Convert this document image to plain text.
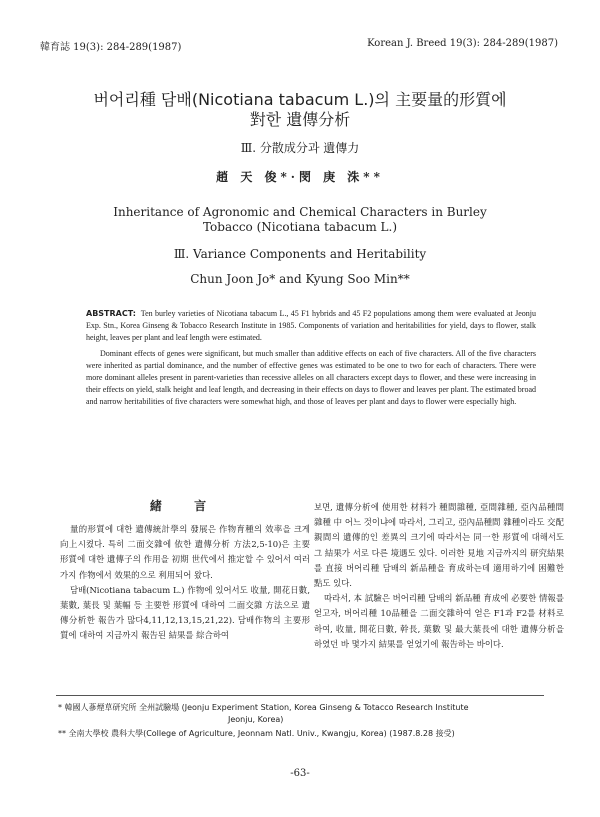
韓育誌 19(3): 284-289(1987)	Korean J. Breed 19(3): 284-289(1987)
버어리種 담배(Nicotiana tabacum L.)의 主要量的形質에
對한 遺傳分析
Ⅲ. 分散成分과 遺傳力
趙 天 俊*·閔 庚 洙**
Inheritance of Agronomic and Chemical Characters in Burley
Tobacco (Nicotiana tabacum L.)
Ⅲ. Variance Components and Heritability
Chun Joon Jo* and Kyung Soo Min**

ABSTRACT: Ten burley varieties of Nicotiana tabacum L., 45 F1 hybrids and 45 F2 populations among them were evaluated at Jeonju Exp. Stn., Korea Ginseng & Tobacco Research Institute in 1985. Components of variation and heritabilities for yield, days to flower, stalk height, leaves per plant and leaf length were estimated.

Dominant effects of genes were significant, but much smaller than additive effects on each of five characters. All of the five characters were inherited as partial dominance, and the number of effective genes was estimated to be one to two for each of characters. There were more dominant alleles present in parent-varieties than recessive alleles on all characters except days to flower, and these were increasing in their effects on yield, stalk height and leaf length, and decreasing in their effects on days to flower and leaves per plant. The estimated broad and narrow heritabilities of five characters were somewhat high, and those of leaves per plant and days to flower were especially high.

緒 言

量的形質에 대한 遺傳統計學의 發展은 作物育種의 效率을 크게 向上시켰다. 특히 二面交雜에 依한 遺傳分析 方法2,5-10)은 主要 形質에 대한 遺傳子의 作用을 初期 世代에서 推定할 수 있어서 여러가지 作物에서 效果的으로 利用되어 왔다.

담배(Nicotiana tabacum L.) 作物에 있어서도 收量, 開花日數, 葉數, 葉長 및 葉幅 등 主要한 形質에 대하여 二面交雜 方法으로 遺傳分析한 報告가 많다4,11,12,13,15,21,22). 담배作物의 主要形質에 대하여 지금까지 報告된 結果를 綜合하여

보면, 遺傳分析에 使用한 材料가 種間雜種, 亞間雜種, 亞內品種間 雜種 中 어느 것이냐에 따라서, 그리고, 亞內品種間 雜種이라도 交配親間의 遺傳的인 差異의 크기에 따라서는 同一한 形質에 대해서도 그 結果가 서로 다른 境遇도 있다. 이러한 見地 지금까지의 研究結果를 直接 버어리種 담배의 新品種을 育成하는데 適用하기에 困難한 點도 있다.

따라서, 本 試驗은 버어리種 담배의 新品種 育成에 必要한 情報를 얻고자, 버어리種 10品種을 二面交雜하여 얻은 F1과 F2를 材料로 하여, 收量, 開花日數, 幹長, 葉數 및 最大葉長에 대한 遺傳分析을 하였던 바 몇가지 結果를 얻었기에 報告하는 바이다.

* 韓國人蔘煙草研究所 全州試驗場 (Jeonju Experiment Station, Korea Ginseng & Totacco Research Institute
Jeonju, Korea)
** 全南大學校 農科大學(College of Agriculture, Jeonnam Natl. Univ., Kwangju, Korea) (1987.8.28 接受)
-63-
